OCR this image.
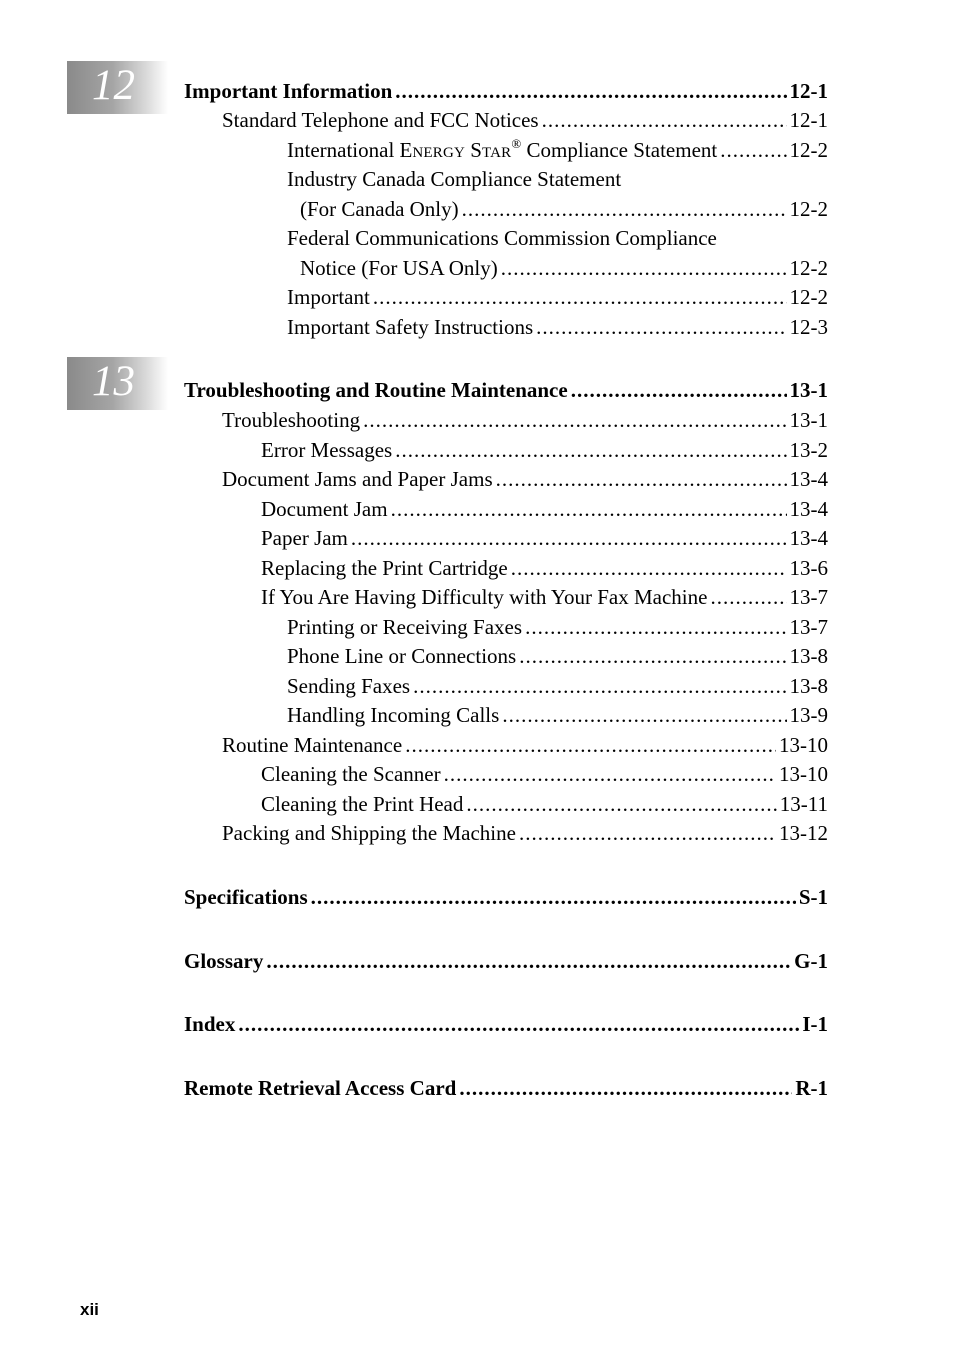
12
13
Important Information .....	12-1
Standard Telephone and FCC Notices .....	12-1
International ENERGY STAR® Compliance Statement .....	12-2
Industry Canada Compliance Statement
(For Canada Only) .....	12-2
Federal Communications Commission Compliance
Notice (For USA Only) .....	12-2
Important .....	12-2
Important Safety Instructions .....	12-3
Troubleshooting and Routine Maintenance .....	13-1
Troubleshooting .....	13-1
Error Messages .....	13-2
Document Jams and Paper Jams .....	13-4
Document Jam .....	13-4
Paper Jam .....	13-4
Replacing the Print Cartridge .....	13-6
If You Are Having Difficulty with Your Fax Machine .....	13-7
Printing or Receiving Faxes .....	13-7
Phone Line or Connections .....	13-8
Sending Faxes .....	13-8
Handling Incoming Calls .....	13-9
Routine Maintenance .....	13-10
Cleaning the Scanner .....	13-10
Cleaning the Print Head .....	13-11
Packing and Shipping the Machine .....	13-12
Specifications .....	S-1
Glossary .....	G-1
Index .....	I-1
Remote Retrieval Access Card .....	R-1
xii
